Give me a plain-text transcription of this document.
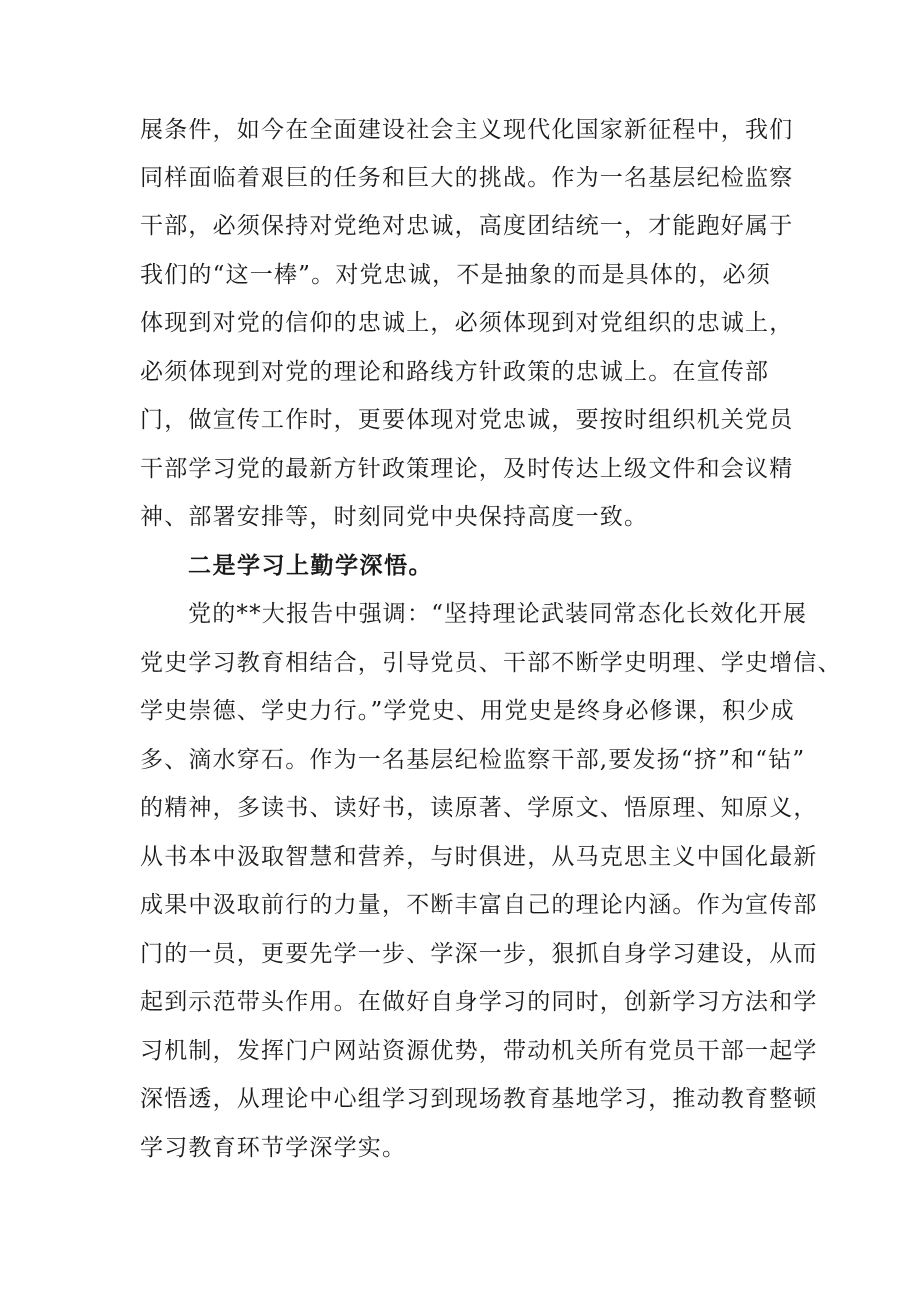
展条件，如今在全面建设社会主义现代化国家新征程中，我们

同样面临着艰巨的任务和巨大的挑战。作为一名基层纪检监察

干部，必须保持对党绝对忠诚，高度团结统一，才能跑好属于

我们的“这一棒”。对党忠诚，不是抽象的而是具体的，必须

体现到对党的信仰的忠诚上，必须体现到对党组织的忠诚上，

必须体现到对党的理论和路线方针政策的忠诚上。在宣传部

门，做宣传工作时，更要体现对党忠诚，要按时组织机关党员

干部学习党的最新方针政策理论，及时传达上级文件和会议精

神、部署安排等，时刻同党中央保持高度一致。

二是学习上勤学深悟。

党的**大报告中强调：“坚持理论武装同常态化长效化开展

党史学习教育相结合，引导党员、干部不断学史明理、学史增信、

学史崇德、学史力行。”学党史、用党史是终身必修课，积少成

多、滴水穿石。作为一名基层纪检监察干部,要发扬“挤”和“钻”

的精神，多读书、读好书，读原著、学原文、悟原理、知原义，

从书本中汲取智慧和营养，与时俱进，从马克思主义中国化最新

成果中汲取前行的力量，不断丰富自己的理论内涵。作为宣传部

门的一员，更要先学一步、学深一步，狠抓自身学习建设，从而

起到示范带头作用。在做好自身学习的同时，创新学习方法和学

习机制，发挥门户网站资源优势，带动机关所有党员干部一起学

深悟透，从理论中心组学习到现场教育基地学习，推动教育整顿

学习教育环节学深学实。
